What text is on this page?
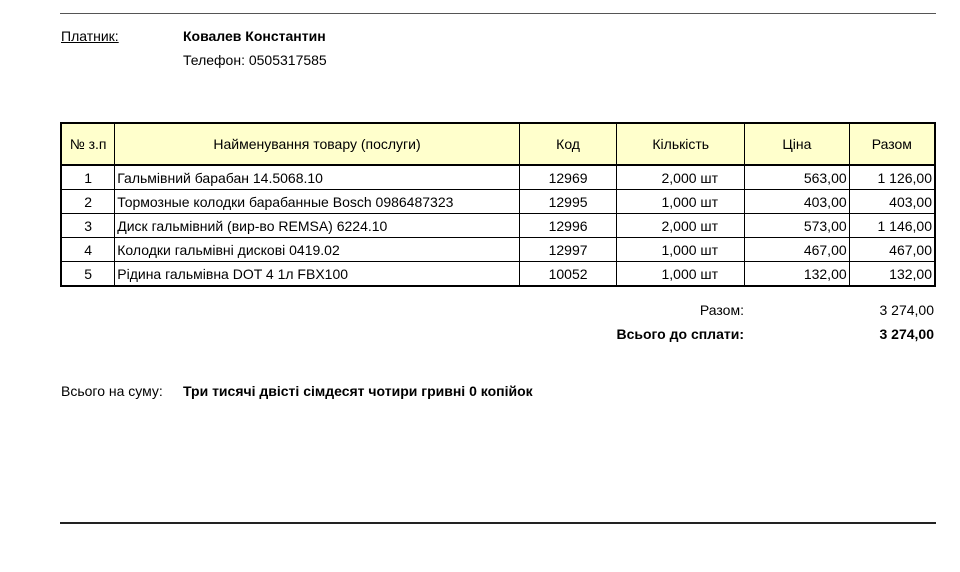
Платник:	Ковалев Константин
Телефон: 0505317585
№ з.п	Найменування товару (послуги)	Код	Кількість	Ціна	Разом
1	Гальмівний барабан 14.5068.10	12969	2,000 шт	563,00	1 126,00
2	Тормозные колодки барабанные Bosch 0986487323	12995	1,000 шт	403,00	403,00
3	Диск гальмівний (вир-во REMSA) 6224.10	12996	2,000 шт	573,00	1 146,00
4	Колодки гальмівні дискові 0419.02	12997	1,000 шт	467,00	467,00
5	Рідина гальмівна DOT 4 1л FBX100	10052	1,000 шт	132,00	132,00
Разом:	3 274,00
Всього до сплати:	3 274,00
Всього на суму: Три тисячі двісті сімдесят чотири гривні 0 копійок
